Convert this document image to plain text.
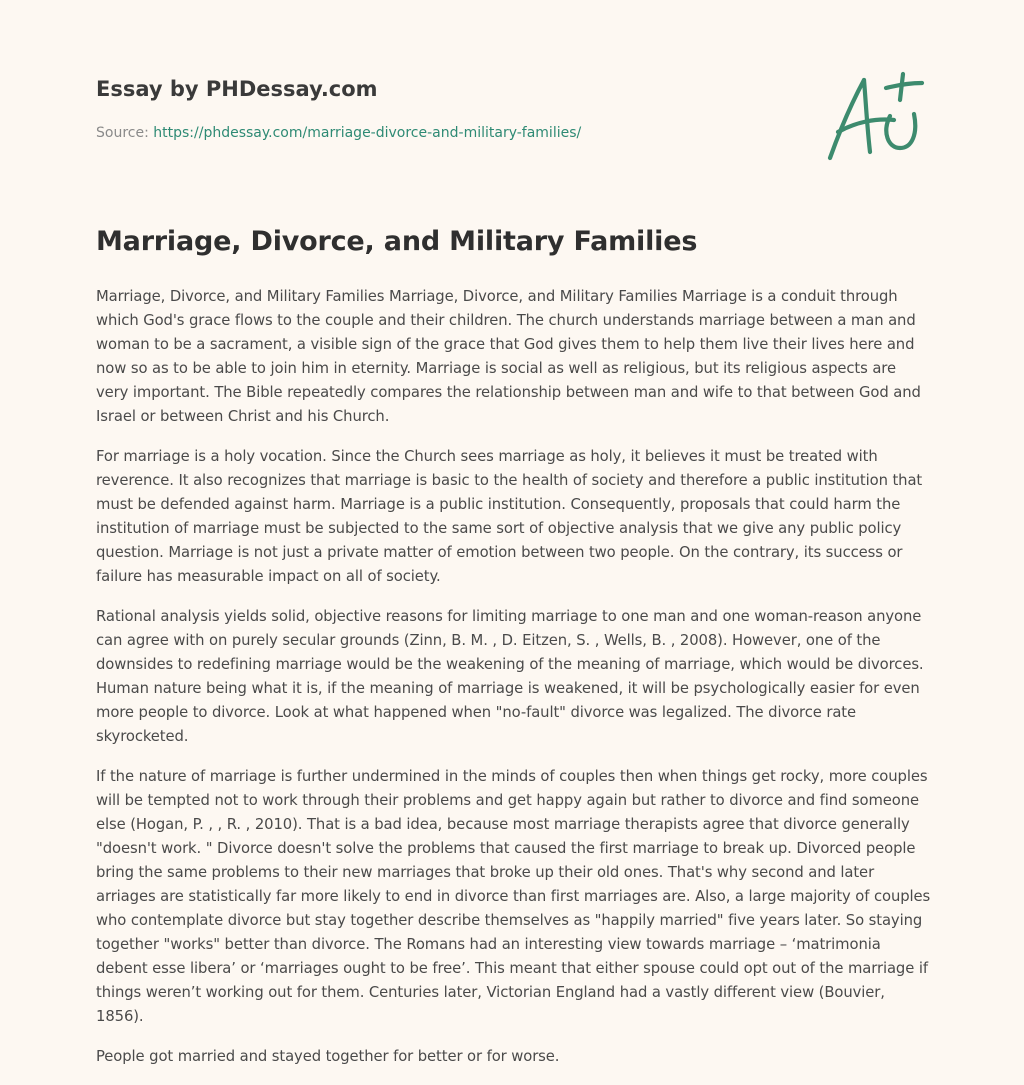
Essay by PHDessay.com
Source: https://phdessay.com/marriage-divorce-and-military-families/
Marriage, Divorce, and Military Families

Marriage, Divorce, and Military Families Marriage, Divorce, and Military Families Marriage is a conduit through which God's grace flows to the couple and their children. The church understands marriage between a man and woman to be a sacrament, a visible sign of the grace that God gives them to help them live their lives here and now so as to be able to join him in eternity. Marriage is social as well as religious, but its religious aspects are very important. The Bible repeatedly compares the relationship between man and wife to that between God and Israel or between Christ and his Church.

For marriage is a holy vocation. Since the Church sees marriage as holy, it believes it must be treated with reverence. It also recognizes that marriage is basic to the health of society and therefore a public institution that must be defended against harm. Marriage is a public institution. Consequently, proposals that could harm the institution of marriage must be subjected to the same sort of objective analysis that we give any public policy question. Marriage is not just a private matter of emotion between two people. On the contrary, its success or failure has measurable impact on all of society.

Rational analysis yields solid, objective reasons for limiting marriage to one man and one woman-reason anyone can agree with on purely secular grounds (Zinn, B. M. , D. Eitzen, S. , Wells, B. , 2008). However, one of the downsides to redefining marriage would be the weakening of the meaning of marriage, which would be divorces. Human nature being what it is, if the meaning of marriage is weakened, it will be psychologically easier for even more people to divorce. Look at what happened when "no-fault" divorce was legalized. The divorce rate skyrocketed.

If the nature of marriage is further undermined in the minds of couples then when things get rocky, more couples will be tempted not to work through their problems and get happy again but rather to divorce and find someone else (Hogan, P. , , R. , 2010). That is a bad idea, because most marriage therapists agree that divorce generally "doesn't work. " Divorce doesn't solve the problems that caused the first marriage to break up. Divorced people bring the same problems to their new marriages that broke up their old ones. That's why second and later arriages are statistically far more likely to end in divorce than first marriages are. Also, a large majority of couples who contemplate divorce but stay together describe themselves as "happily married" five years later. So staying together "works" better than divorce. The Romans had an interesting view towards marriage – ‘matrimonia debent esse libera’ or ‘marriages ought to be free’. This meant that either spouse could opt out of the marriage if things weren’t working out for them. Centuries later, Victorian England had a vastly different view (Bouvier, 1856).

People got married and stayed together for better or for worse.
